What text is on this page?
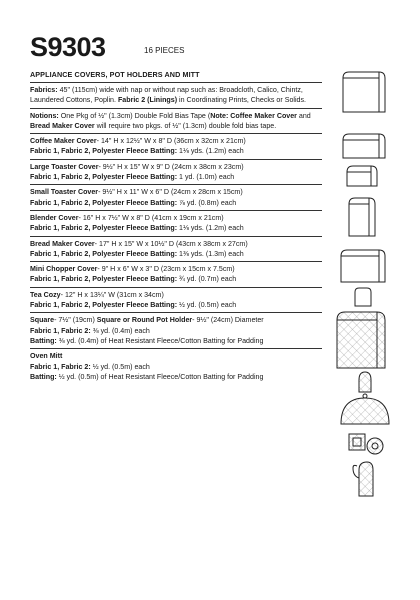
S9303	16 PIECES
APPLIANCE COVERS, POT HOLDERS AND MITT
Fabrics: 45" (115cm) wide with nap or without nap such as: Broadcloth, Calico, Chintz,
Laundered Cottons, Poplin. Fabric 2 (Linings) in Coordinating Prints, Checks or Solids.
Notions: One Pkg of ½" (1.3cm) Double Fold Bias Tape (Note: Coffee Maker Cover and
Bread Maker Cover will require two pkgs. of ½" (1.3cm) double fold bias tape.
Coffee Maker Cover- 14" H x 12½" W x 8" D (36cm x 32cm x 21cm)
Fabric 1, Fabric 2, Polyester Fleece Batting: 1⅛ yds. (1.2m) each
Large Toaster Cover- 9½" H x 15" W x 9" D (24cm x 38cm x 23cm)
Fabric 1, Fabric 2, Polyester Fleece Batting: 1 yd. (1.0m) each
Small Toaster Cover- 9½" H x 11" W x 6" D (24cm x 28cm x 15cm)
Fabric 1, Fabric 2, Polyester Fleece Batting: ⅞ yd. (0.8m) each
Blender Cover- 16" H x 7½" W x 8" D (41cm x 19cm x 21cm)
Fabric 1, Fabric 2, Polyester Fleece Batting: 1⅛ yds. (1.2m) each
Bread Maker Cover- 17" H x 15" W x 10½" D (43cm x 38cm x 27cm)
Fabric 1, Fabric 2, Polyester Fleece Batting: 1⅜ yds. (1.3m) each
Mini Chopper Cover- 9" H x 6" W x 3" D (23cm x 15cm x 7.5cm)
Fabric 1, Fabric 2, Polyester Fleece Batting: ¾ yd. (0.7m) each
Tea Cozy- 12" H x 13¼" W (31cm x 34cm)
Fabric 1, Fabric 2, Polyester Fleece Batting: ½ yd. (0.5m) each
Square- 7½" (19cm) Square or Round Pot Holder- 9½" (24cm) Diameter
Fabric 1, Fabric 2: ⅜ yd. (0.4m) each
Batting: ⅜ yd. (0.4m) of Heat Resistant Fleece/Cotton Batting for Padding
Oven Mitt
Fabric 1, Fabric 2: ½ yd. (0.5m) each
Batting: ½ yd. (0.5m) of Heat Resistant Fleece/Cotton Batting for Padding
